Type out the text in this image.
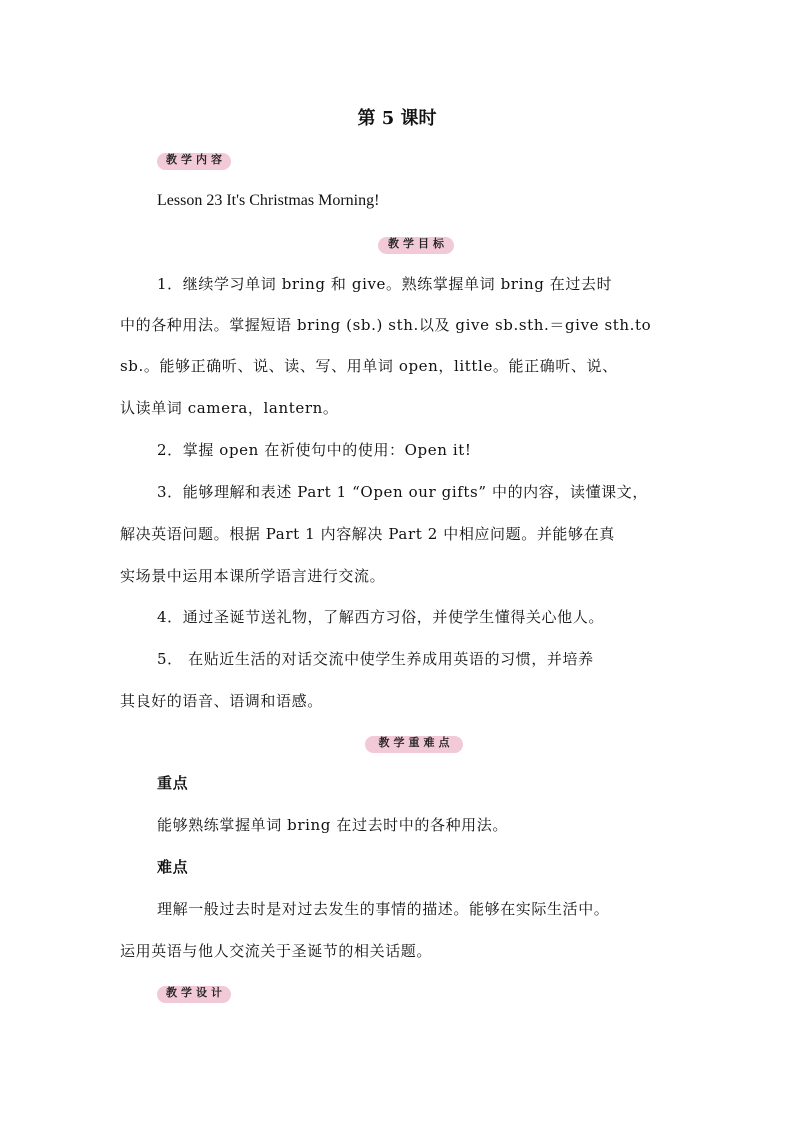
第 5 课时
教学内容
Lesson 23 It's Christmas Morning!
教学目标
1．继续学习单词 bring 和 give。熟练掌握单词 bring 在过去时
中的各种用法。掌握短语 bring (sb.) sth.以及 give sb.sth.＝give sth.to
sb.。能够正确听、说、读、写、用单词 open，little。能正确听、说、
认读单词 camera，lantern。
2．掌握 open 在祈使句中的使用：Open it!
3．能够理解和表述 Part 1 “Open our gifts” 中的内容，读懂课文，
解决英语问题。根据 Part 1 内容解决 Part 2 中相应问题。并能够在真
实场景中运用本课所学语言进行交流。
4．通过圣诞节送礼物，了解西方习俗，并使学生懂得关心他人。
5． 在贴近生活的对话交流中使学生养成用英语的习惯，并培养
其良好的语音、语调和语感。
教学重难点
重点
能够熟练掌握单词 bring 在过去时中的各种用法。
难点
理解一般过去时是对过去发生的事情的描述。能够在实际生活中。
运用英语与他人交流关于圣诞节的相关话题。
教学设计
